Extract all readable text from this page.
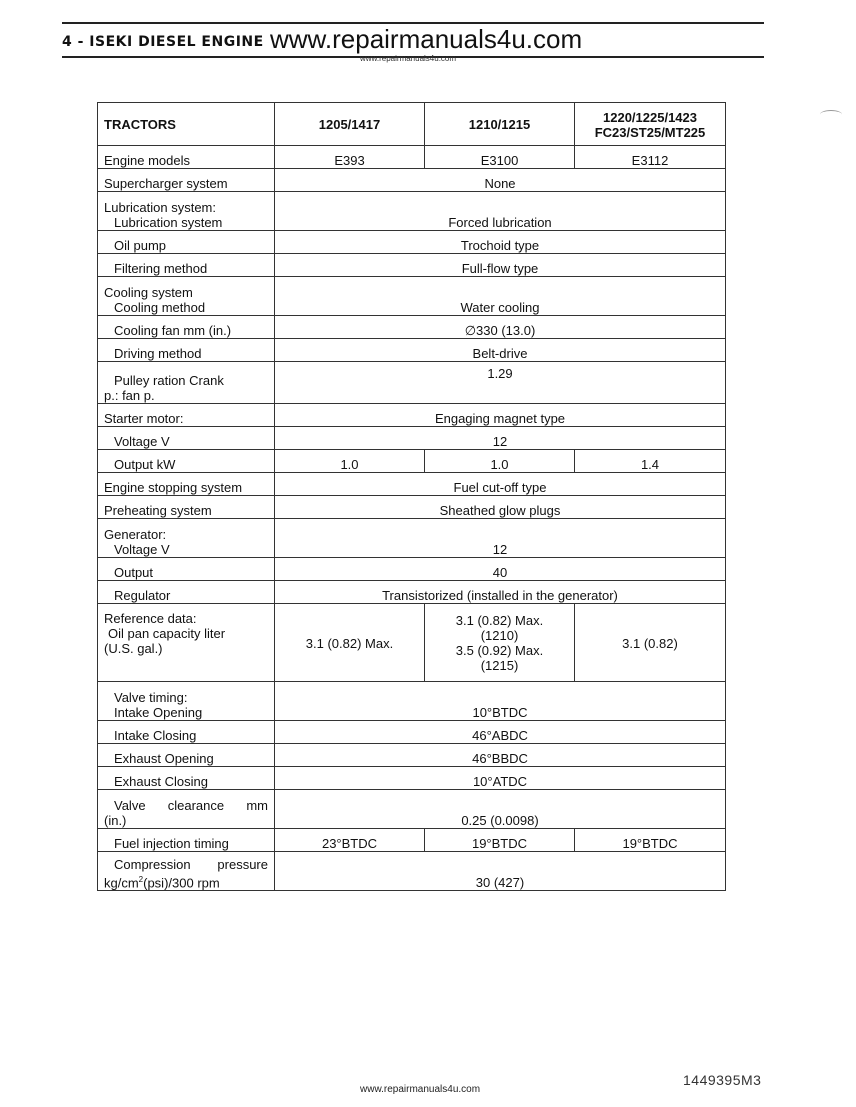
4 - ISEKI DIESEL ENGINE www.repairmanuals4u.com
www.repairmanuals4u.com
TRACTORS	1205/1417	1210/1215	1220/1225/1423
FC23/ST25/MT225

Engine models	E393	E3100	E3112
Supercharger system	None		

Lubrication system:
Lubrication system	Forced lubrication		

Oil pump	Trochoid type		

Filtering method	Full-flow type		

Cooling system
Cooling method	Water cooling		

Cooling fan mm (in.)	∅330 (13.0)		

Driving method	Belt-drive		

Pulley ration Crank
p.: fan p.	1.29		
Starter motor:	Engaging magnet type		

Voltage V	12		

Output kW	1.0	1.0	1.4
Engine stopping system	Fuel cut-off type		
Preheating system	Sheathed glow plugs		

Generator:
Voltage V	12		

Output	40		

Regulator	Transistorized (installed in the generator)		

Reference data:
Oil pan capacity liter
(U.S. gal.)	3.1 (0.82) Max.	3.1 (0.82) Max.
(1210)
3.5 (0.92) Max.
(1215)	3.1 (0.82)

Valve timing:
Intake Opening	10°BTDC		

Intake Closing	46°ABDC		

Exhaust Opening	46°BBDC		

Exhaust Closing	10°ATDC		

Valve clearance mm
(in.)	0.25 (0.0098)		

Fuel injection timing	23°BTDC	19°BTDC	19°BTDC

Compression pressure
$kg/cm^2(psi)/300$ rpm	30 (427)		
1449395M3
www.repairmanuals4u.com
